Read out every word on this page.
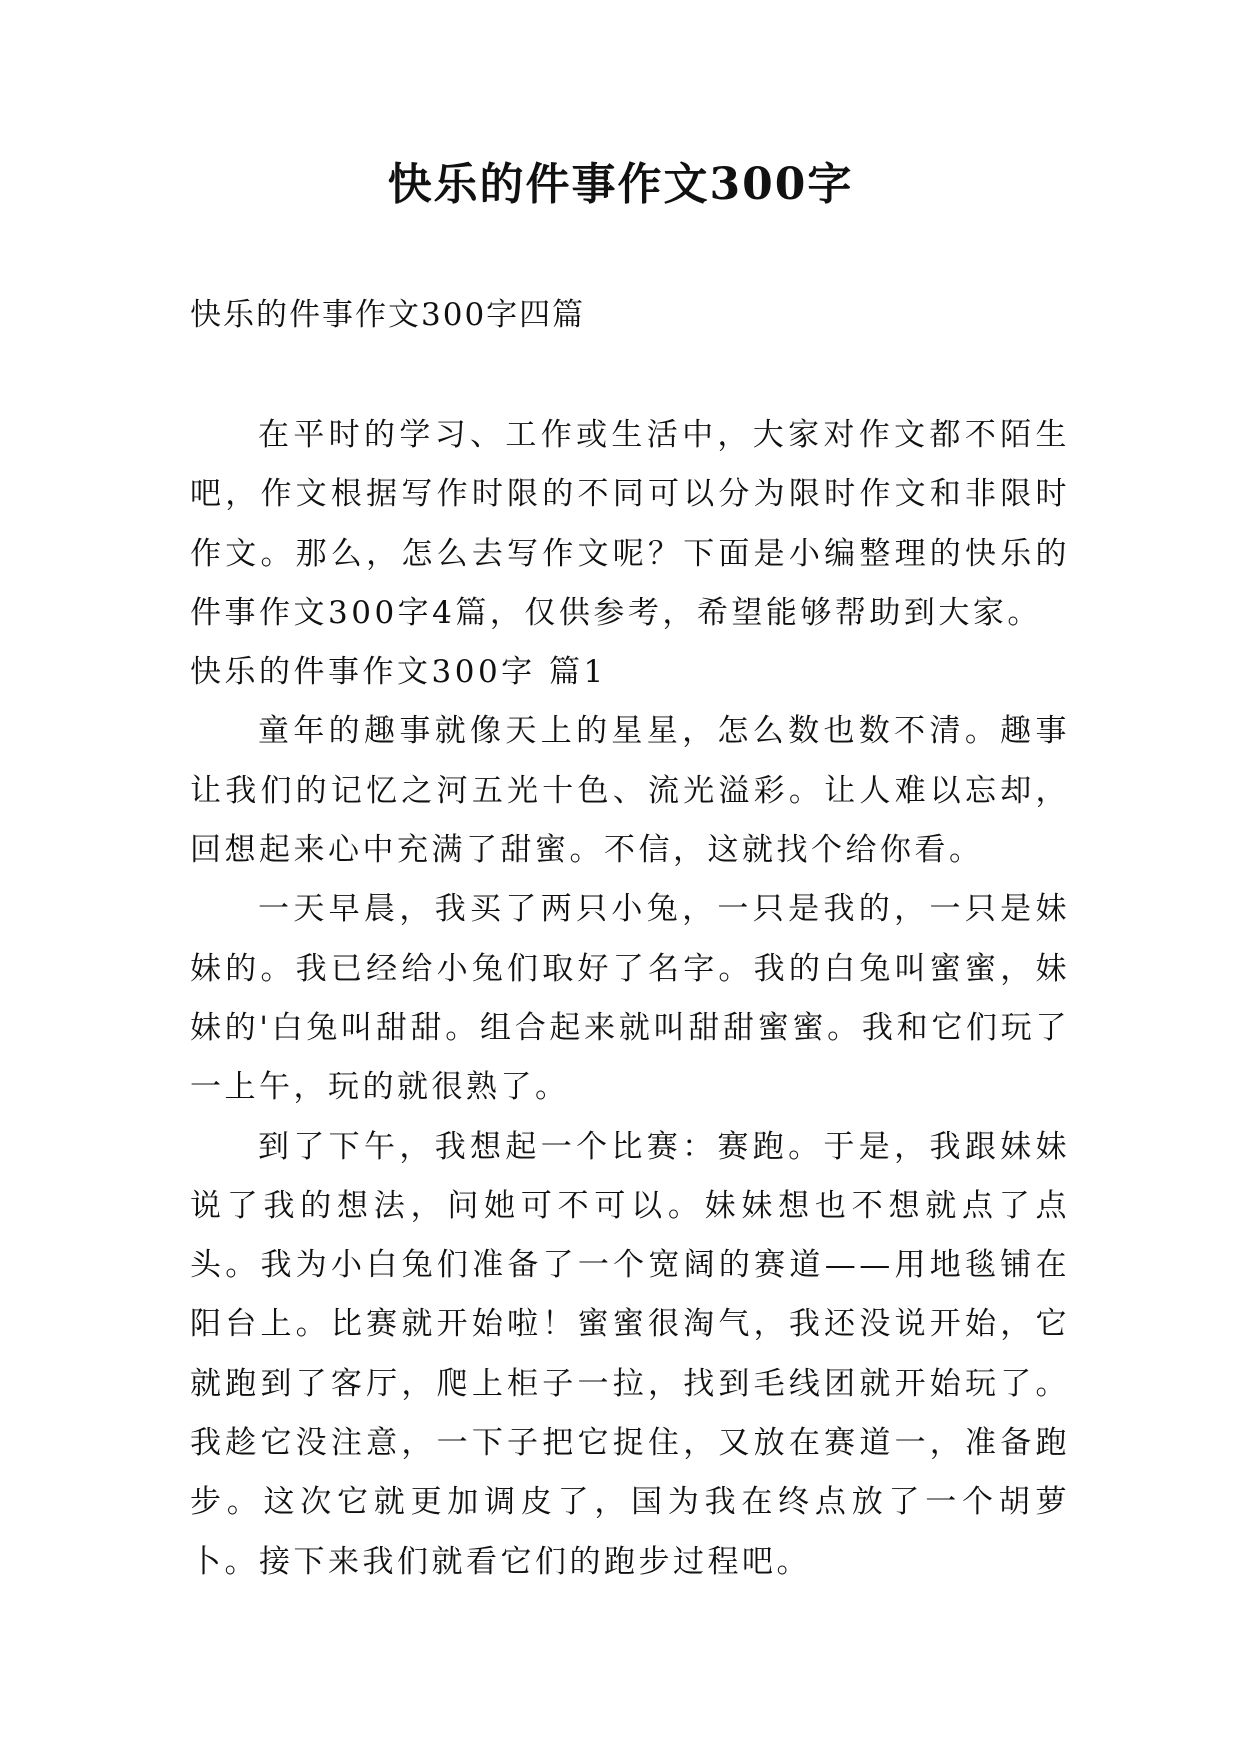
快乐的件事作文300字
快乐的件事作文300字四篇

在平时的学习、工作或生活中，大家对作文都不陌生吧，作文根据写作时限的不同可以分为限时作文和非限时作文。那么，怎么去写作文呢？下面是小编整理的快乐的件事作文300字4篇，仅供参考，希望能够帮助到大家。

快乐的件事作文300字 篇1

童年的趣事就像天上的星星，怎么数也数不清。趣事让我们的记忆之河五光十色、流光溢彩。让人难以忘却，回想起来心中充满了甜蜜。不信，这就找个给你看。

一天早晨，我买了两只小兔，一只是我的，一只是妹妹的。我已经给小兔们取好了名字。我的白兔叫蜜蜜，妹妹的'白兔叫甜甜。组合起来就叫甜甜蜜蜜。我和它们玩了一上午，玩的就很熟了。

到了下午，我想起一个比赛：赛跑。于是，我跟妹妹说了我的想法，问她可不可以。妹妹想也不想就点了点头。我为小白兔们准备了一个宽阔的赛道——用地毯铺在阳台上。比赛就开始啦！蜜蜜很淘气，我还没说开始，它就跑到了客厅，爬上柜子一拉，找到毛线团就开始玩了。我趁它没注意，一下子把它捉住，又放在赛道一，准备跑步。这次它就更加调皮了，国为我在终点放了一个胡萝卜。接下来我们就看它们的跑步过程吧。
